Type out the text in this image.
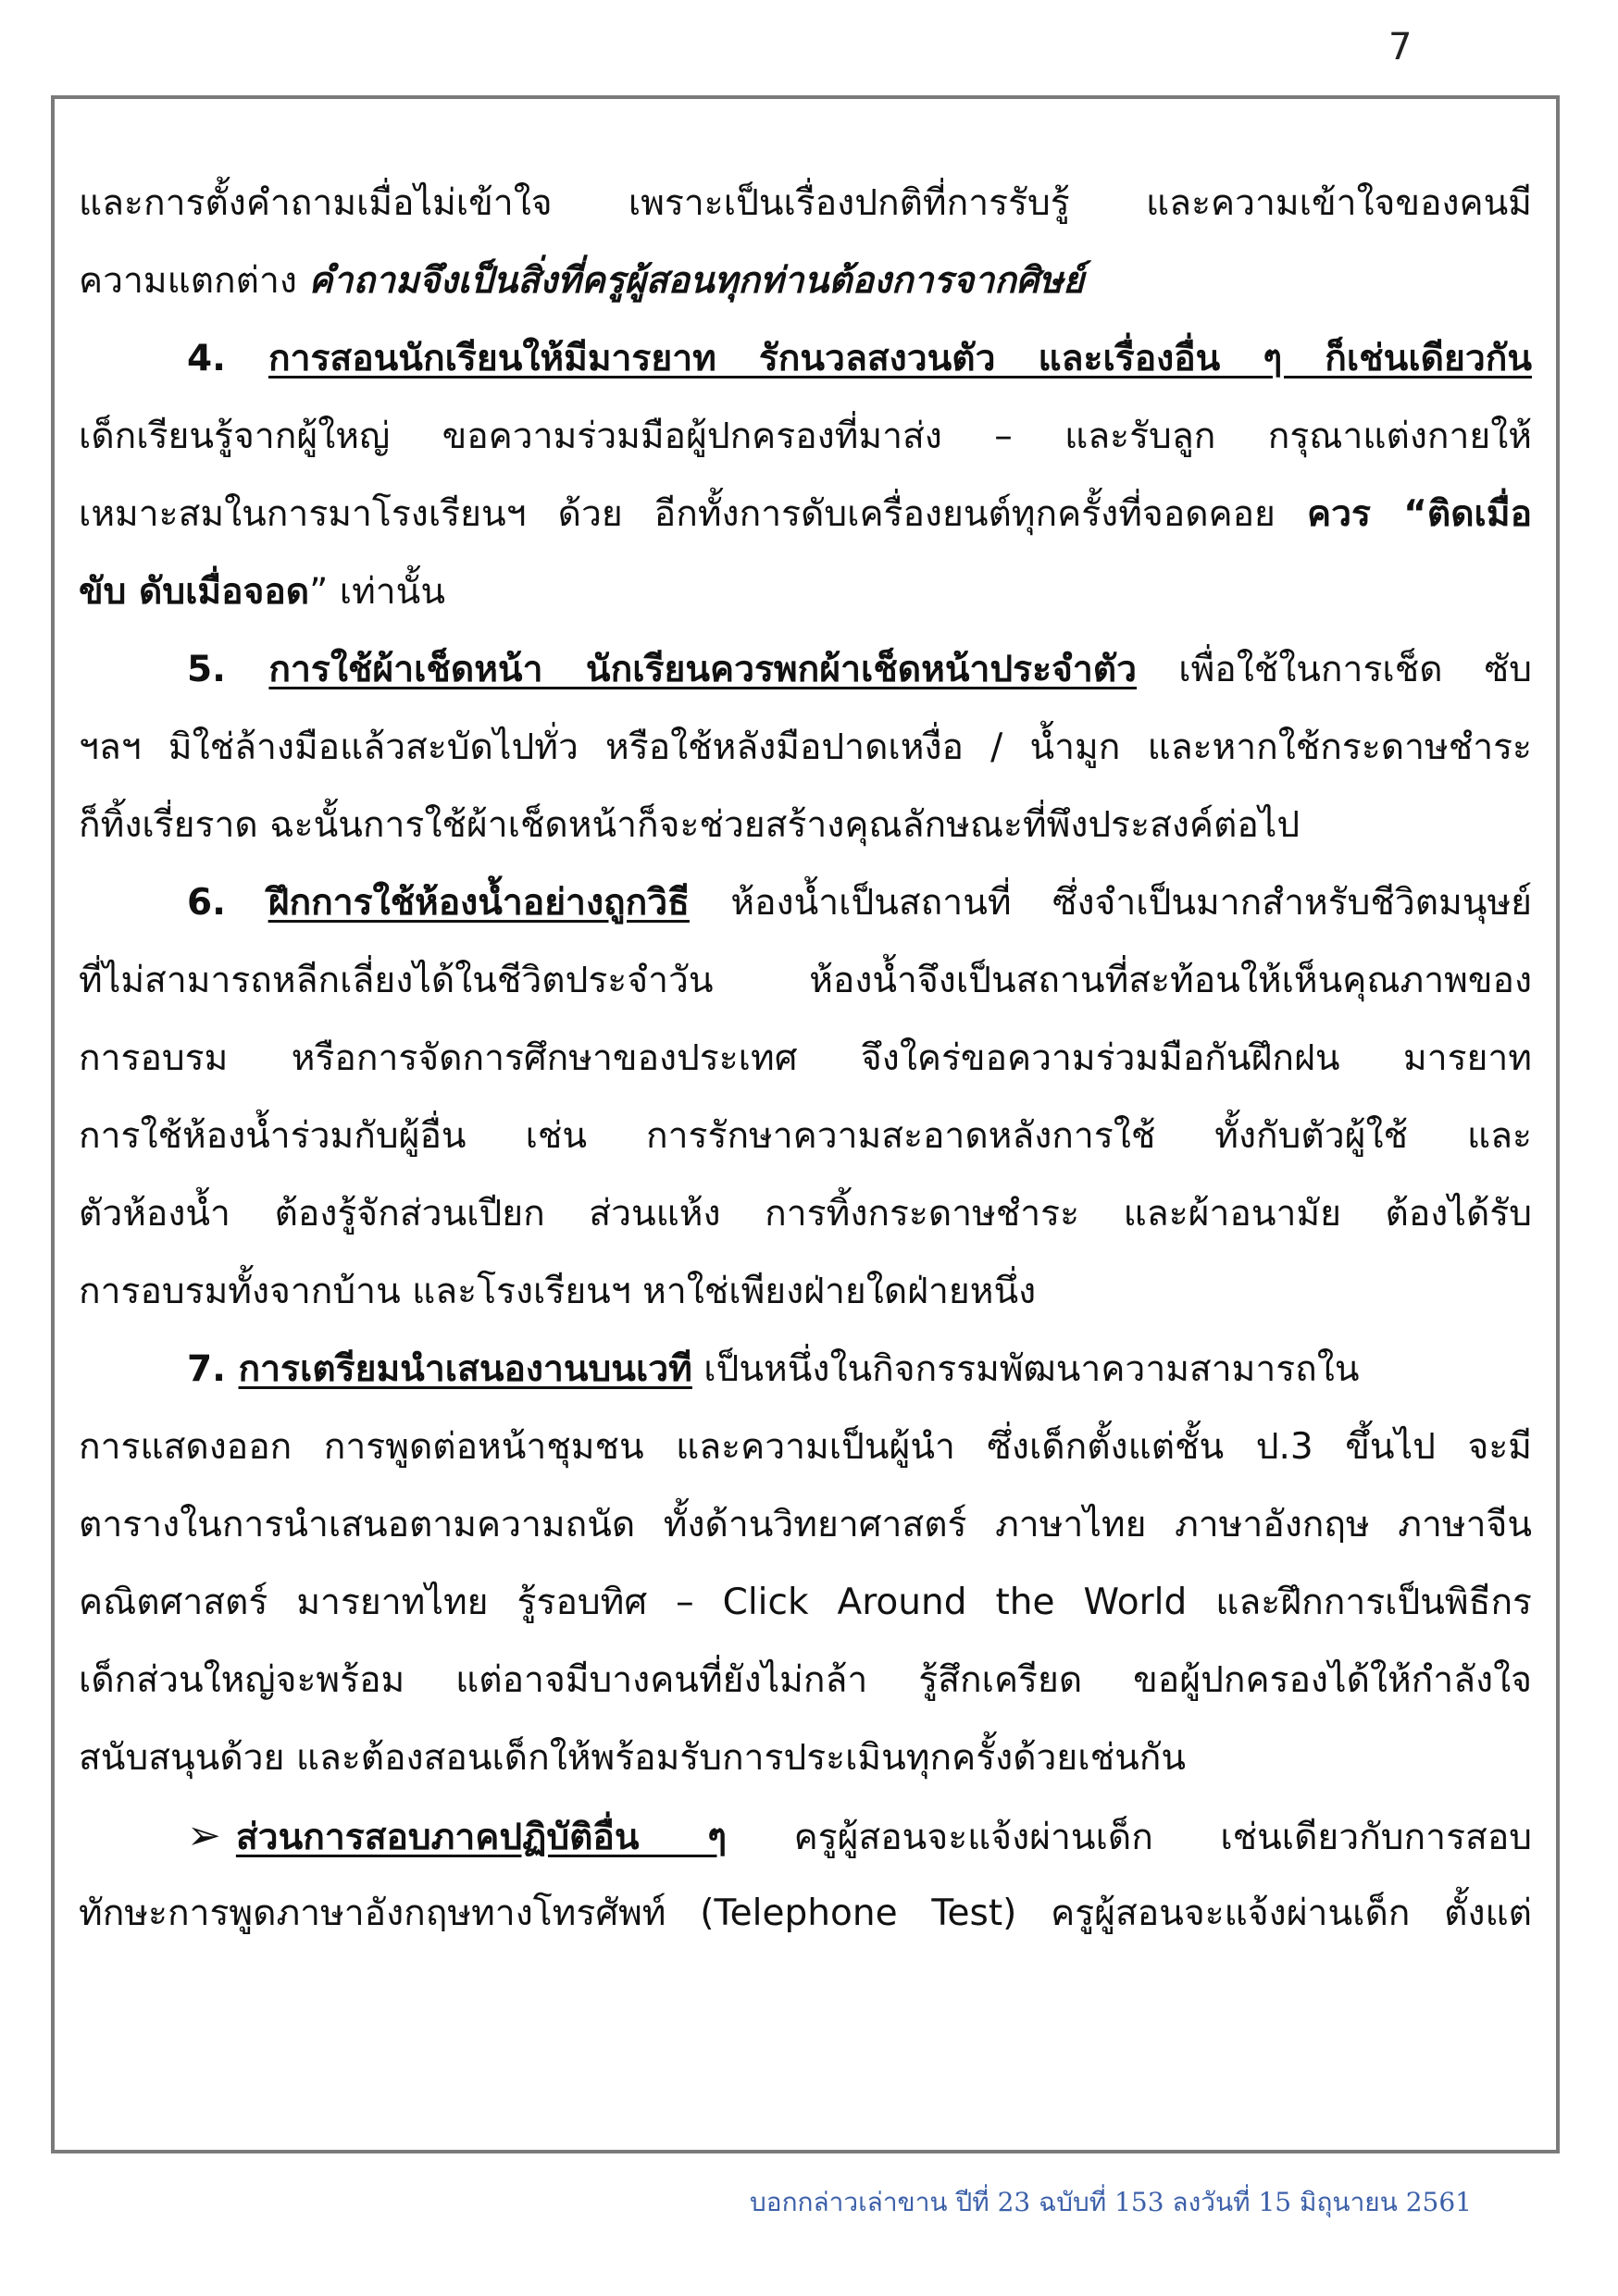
7
และการตั้งคำถามเมื่อไม่เข้าใจ เพราะเป็นเรื่องปกติที่การรับรู้ และความเข้าใจของคนมี
ความแตกต่าง คำถามจึงเป็นสิ่งที่ครูผู้สอนทุกท่านต้องการจากศิษย์
4. การสอนนักเรียนให้มีมารยาท รักนวลสงวนตัว และเรื่องอื่น ๆ ก็เช่นเดียวกัน
เด็กเรียนรู้จากผู้ใหญ่ ขอความร่วมมือผู้ปกครองที่มาส่ง – และรับลูก กรุณาแต่งกายให้
เหมาะสมในการมาโรงเรียนฯ ด้วย อีกทั้งการดับเครื่องยนต์ทุกครั้งที่จอดคอย ควร “ติดเมื่อ
ขับ ดับเมื่อจอด” เท่านั้น
5. การใช้ผ้าเช็ดหน้า นักเรียนควรพกผ้าเช็ดหน้าประจำตัว เพื่อใช้ในการเช็ด ซับ
ฯลฯ มิใช่ล้างมือแล้วสะบัดไปทั่ว หรือใช้หลังมือปาดเหงื่อ / น้ำมูก และหากใช้กระดาษชำระ
ก็ทิ้งเรี่ยราด ฉะนั้นการใช้ผ้าเช็ดหน้าก็จะช่วยสร้างคุณลักษณะที่พึงประสงค์ต่อไป
6. ฝึกการใช้ห้องน้ำอย่างถูกวิธี ห้องน้ำเป็นสถานที่ ซึ่งจำเป็นมากสำหรับชีวิตมนุษย์
ที่ไม่สามารถหลีกเลี่ยงได้ในชีวิตประจำวัน ห้องน้ำจึงเป็นสถานที่สะท้อนให้เห็นคุณภาพของ
การอบรม หรือการจัดการศึกษาของประเทศ จึงใคร่ขอความร่วมมือกันฝึกฝน มารยาท
การใช้ห้องน้ำร่วมกับผู้อื่น เช่น การรักษาความสะอาดหลังการใช้ ทั้งกับตัวผู้ใช้ และ
ตัวห้องน้ำ ต้องรู้จักส่วนเปียก ส่วนแห้ง การทิ้งกระดาษชำระ และผ้าอนามัย ต้องได้รับ
การอบรมทั้งจากบ้าน และโรงเรียนฯ หาใช่เพียงฝ่ายใดฝ่ายหนึ่ง
7. การเตรียมนำเสนองานบนเวที เป็นหนึ่งในกิจกรรมพัฒนาความสามารถใน
การแสดงออก การพูดต่อหน้าชุมชน และความเป็นผู้นำ ซึ่งเด็กตั้งแต่ชั้น ป.3 ขึ้นไป จะมี
ตารางในการนำเสนอตามความถนัด ทั้งด้านวิทยาศาสตร์ ภาษาไทย ภาษาอังกฤษ ภาษาจีน
คณิตศาสตร์ มารยาทไทย รู้รอบทิศ – Click Around the World และฝึกการเป็นพิธีกร
เด็กส่วนใหญ่จะพร้อม แต่อาจมีบางคนที่ยังไม่กล้า รู้สึกเครียด ขอผู้ปกครองได้ให้กำลังใจ
สนับสนุนด้วย และต้องสอนเด็กให้พร้อมรับการประเมินทุกครั้งด้วยเช่นกัน
➢ ส่วนการสอบภาคปฏิบัติอื่น ๆ ครูผู้สอนจะแจ้งผ่านเด็ก เช่นเดียวกับการสอบ
ทักษะการพูดภาษาอังกฤษทางโทรศัพท์ (Telephone Test) ครูผู้สอนจะแจ้งผ่านเด็ก ตั้งแต่
บอกกล่าวเล่าขาน ปีที่ 23 ฉบับที่ 153 ลงวันที่ 15 มิถุนายน 2561
